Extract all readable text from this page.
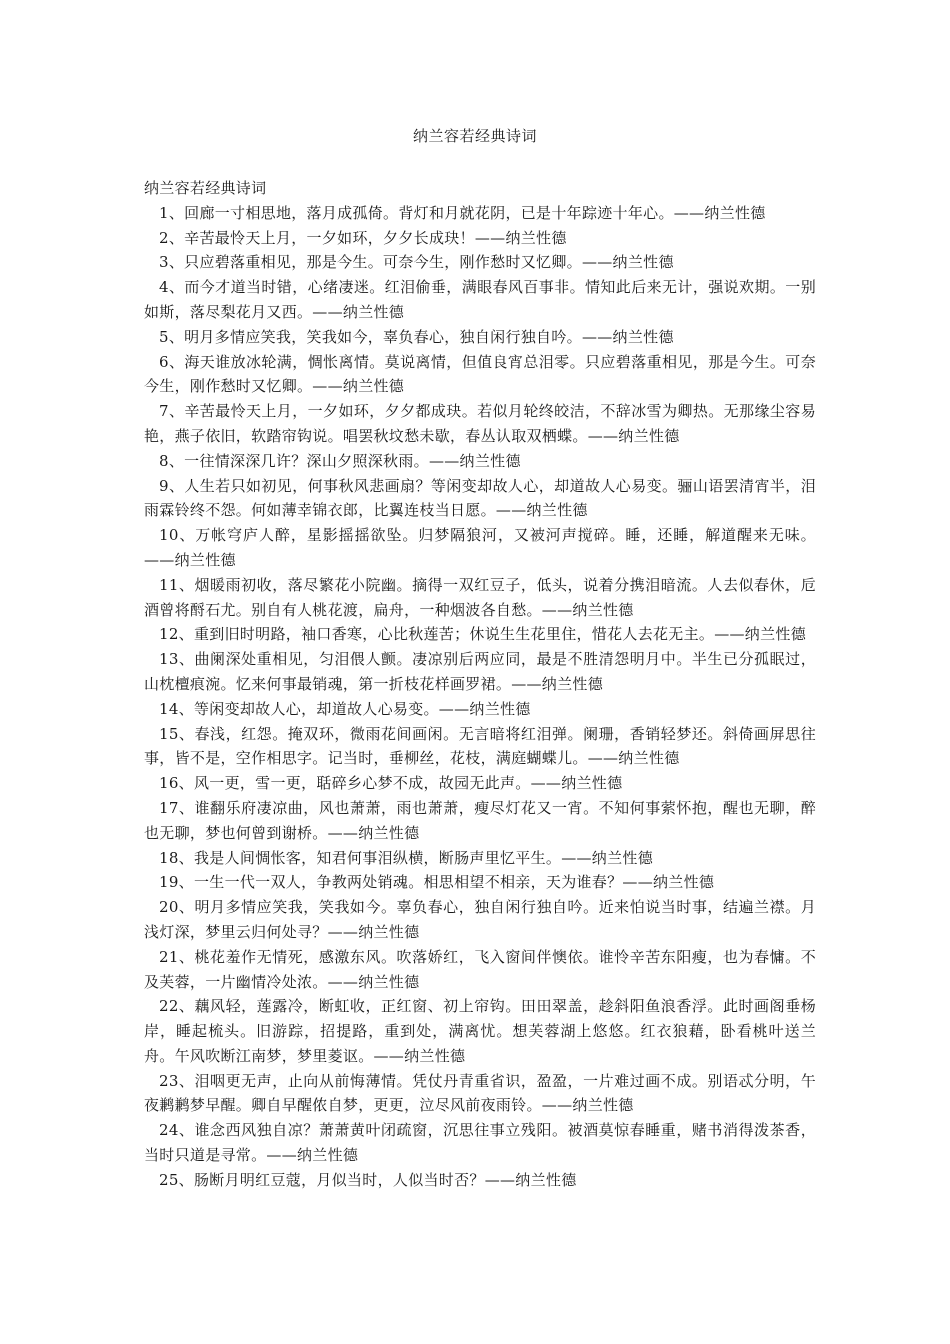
纳兰容若经典诗词

纳兰容若经典诗词

1、回廊一寸相思地，落月成孤倚。背灯和月就花阴，已是十年踪迹十年心。——纳兰性德
2、辛苦最怜天上月，一夕如环，夕夕长成玦！——纳兰性德
3、只应碧落重相见，那是今生。可奈今生，刚作愁时又忆卿。——纳兰性德
4、而今才道当时错，心绪凄迷。红泪偷垂，满眼春风百事非。情知此后来无计，强说欢期。一别如斯，落尽梨花月又西。——纳兰性德
5、明月多情应笑我，笑我如今，辜负春心，独自闲行独自吟。——纳兰性德
6、海天谁放冰轮满，惆怅离情。莫说离情，但值良宵总泪零。只应碧落重相见，那是今生。可奈今生，刚作愁时又忆卿。——纳兰性德
7、辛苦最怜天上月，一夕如环，夕夕都成玦。若似月轮终皎洁，不辞冰雪为卿热。无那缘尘容易艳，燕子依旧，软踏帘钩说。唱罢秋坟愁未歇，春丛认取双栖蝶。——纳兰性德
8、一往情深深几许？深山夕照深秋雨。——纳兰性德
9、人生若只如初见，何事秋风悲画扇？等闲变却故人心，却道故人心易变。骊山语罢清宵半，泪雨霖铃终不怨。何如薄幸锦衣郎，比翼连枝当日愿。——纳兰性德
10、万帐穹庐人醉，星影摇摇欲坠。归梦隔狼河，又被河声搅碎。睡，还睡，解道醒来无味。——纳兰性德
11、烟暖雨初收，落尽繁花小院幽。摘得一双红豆子，低头，说着分携泪暗流。人去似春休，卮酒曾将酹石尤。别自有人桃花渡，扁舟，一种烟波各自愁。——纳兰性德
12、重到旧时明路，袖口香寒，心比秋莲苦；休说生生花里住，惜花人去花无主。——纳兰性德
13、曲阑深处重相见，匀泪偎人颤。凄凉别后两应同，最是不胜清怨明月中。半生已分孤眠过，山枕檀痕涴。忆来何事最销魂，第一折枝花样画罗裙。——纳兰性德
14、等闲变却故人心，却道故人心易变。——纳兰性德
15、春浅，红怨。掩双环，微雨花间画闲。无言暗将红泪弹。阑珊，香销轻梦还。斜倚画屏思往事，皆不是，空作相思字。记当时，垂柳丝，花枝，满庭蝴蝶儿。——纳兰性德
16、风一更，雪一更，聒碎乡心梦不成，故园无此声。——纳兰性德
17、谁翻乐府凄凉曲，风也萧萧，雨也萧萧，瘦尽灯花又一宵。不知何事萦怀抱，醒也无聊，醉也无聊，梦也何曾到谢桥。——纳兰性德
18、我是人间惆怅客，知君何事泪纵横，断肠声里忆平生。——纳兰性德
19、一生一代一双人，争教两处销魂。相思相望不相亲，天为谁春？——纳兰性德
20、明月多情应笑我，笑我如今。辜负春心，独自闲行独自吟。近来怕说当时事，结遍兰襟。月浅灯深，梦里云归何处寻？——纳兰性德
21、桃花羞作无情死，感激东风。吹落娇红，飞入窗间伴懊依。谁怜辛苦东阳瘦，也为春慵。不及芙蓉，一片幽情冷处浓。——纳兰性德
22、藕风轻，莲露冷，断虹收，正红窗、初上帘钩。田田翠盖，趁斜阳鱼浪香浮。此时画阁垂杨岸，睡起梳头。旧游踪，招提路，重到处，满离忧。想芙蓉湖上悠悠。红衣狼藉，卧看桃叶送兰舟。午风吹断江南梦，梦里菱讴。——纳兰性德
23、泪咽更无声，止向从前悔薄情。凭仗丹青重省识，盈盈，一片难过画不成。别语忒分明，午夜鹣鹣梦早醒。卿自早醒侬自梦，更更，泣尽风前夜雨铃。——纳兰性德
24、谁念西风独自凉？萧萧黄叶闭疏窗，沉思往事立残阳。被酒莫惊春睡重，赌书消得泼茶香，当时只道是寻常。——纳兰性德
25、肠断月明红豆蔻，月似当时，人似当时否？——纳兰性德
